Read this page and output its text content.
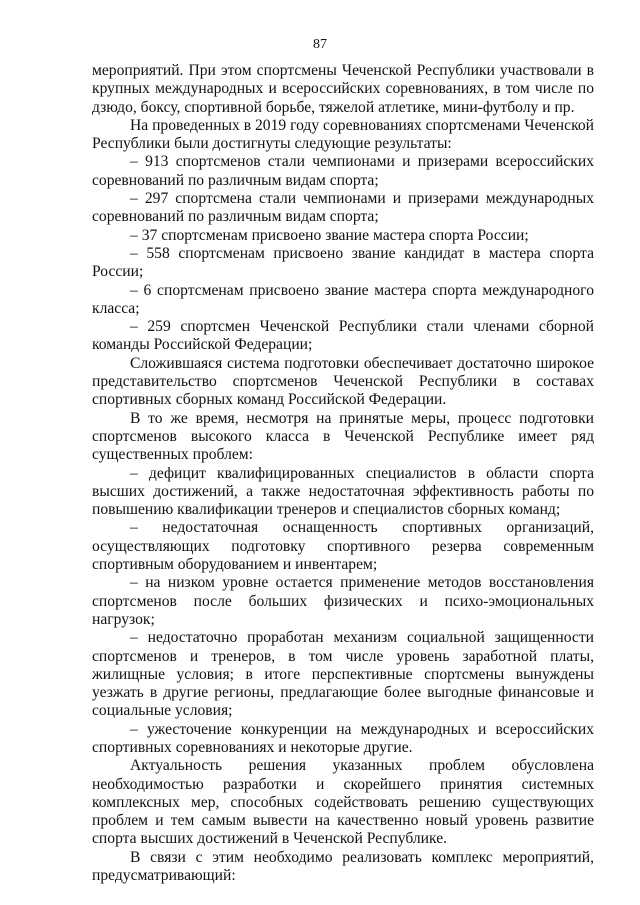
87

мероприятий. При этом спортсмены Чеченской Республики участвовали в крупных международных и всероссийских соревнованиях, в том числе по дзюдо, боксу, спортивной борьбе, тяжелой атлетике, мини-футболу и пр.

На проведенных в 2019 году соревнованиях спортсменами Чеченской Республики были достигнуты следующие результаты:

– 913 спортсменов стали чемпионами и призерами всероссийских соревнований по различным видам спорта;

– 297 спортсмена стали чемпионами и призерами международных соревнований по различным видам спорта;

– 37 спортсменам присвоено звание мастера спорта России;

– 558 спортсменам присвоено звание кандидат в мастера спорта России;

– 6 спортсменам присвоено звание мастера спорта международного класса;

– 259 спортсмен Чеченской Республики стали членами сборной команды Российской Федерации;

Сложившаяся система подготовки обеспечивает достаточно широкое представительство спортсменов Чеченской Республики в составах спортивных сборных команд Российской Федерации.

В то же время, несмотря на принятые меры, процесс подготовки спортсменов высокого класса в Чеченской Республике имеет ряд существенных проблем:

– дефицит квалифицированных специалистов в области спорта высших достижений, а также недостаточная эффективность работы по повышению квалификации тренеров и специалистов сборных команд;

– недостаточная оснащенность спортивных организаций, осуществляющих подготовку спортивного резерва современным спортивным оборудованием и инвентарем;

– на низком уровне остается применение методов восстановления спортсменов после больших физических и психо-эмоциональных нагрузок;

– недостаточно проработан механизм социальной защищенности спортсменов и тренеров, в том числе уровень заработной платы, жилищные условия; в итоге перспективные спортсмены вынуждены уезжать в другие регионы, предлагающие более выгодные финансовые и социальные условия;

– ужесточение конкуренции на международных и всероссийских спортивных соревнованиях и некоторые другие.

Актуальность решения указанных проблем обусловлена необходимостью разработки и скорейшего принятия системных комплексных мер, способных содействовать решению существующих проблем и тем самым вывести на качественно новый уровень развитие спорта высших достижений в Чеченской Республике.

В связи с этим необходимо реализовать комплекс мероприятий, предусматривающий:
